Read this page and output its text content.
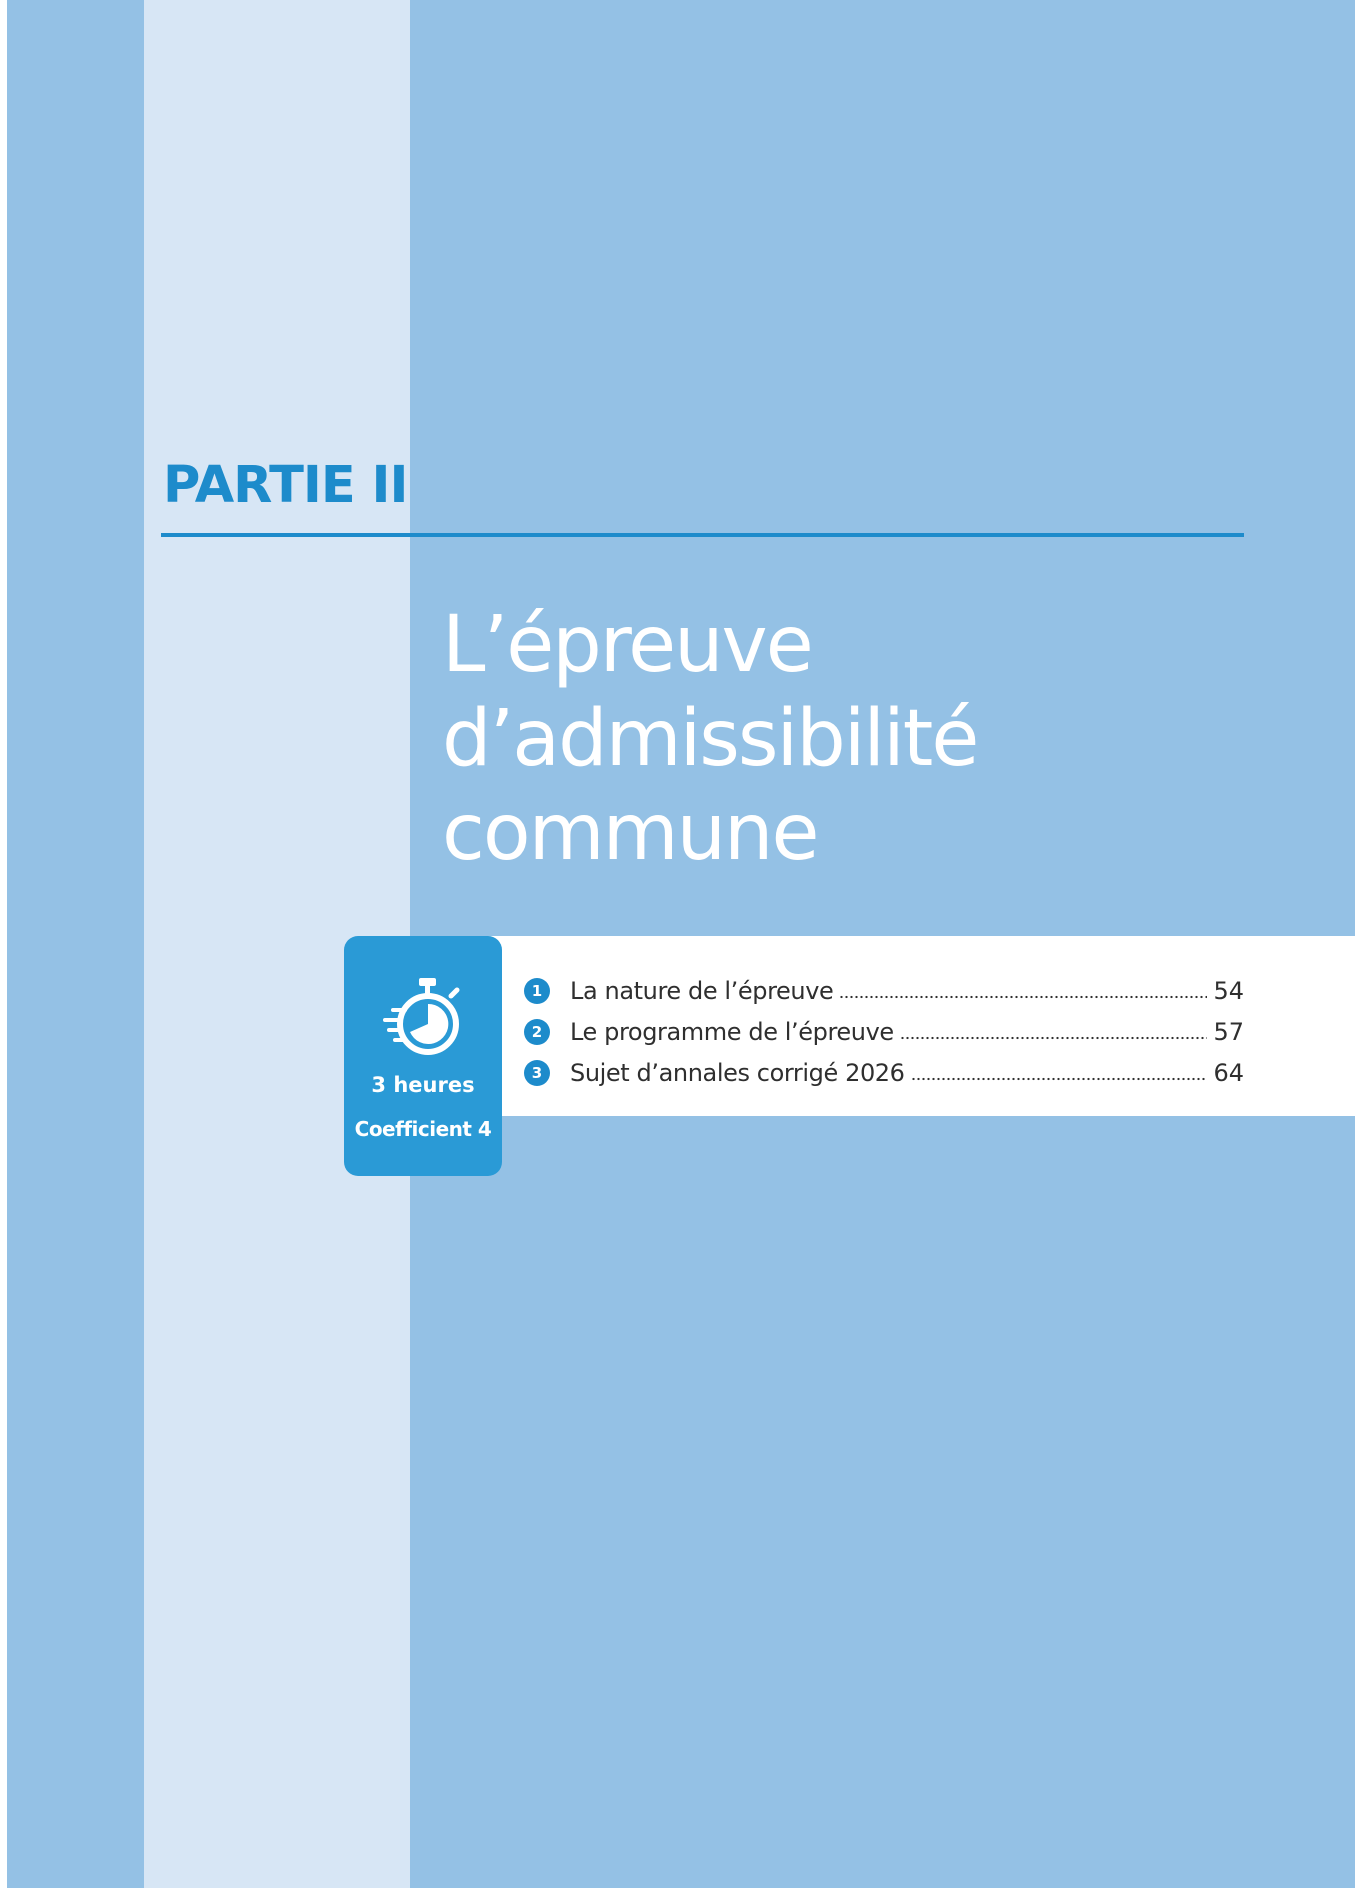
PARTIE II
L’épreuve d’admissibilité commune
3 heures
Coefficient 4
1	La nature de l’épreuve	54
2	Le programme de l’épreuve	57
3	Sujet d’annales corrigé 2026	64
